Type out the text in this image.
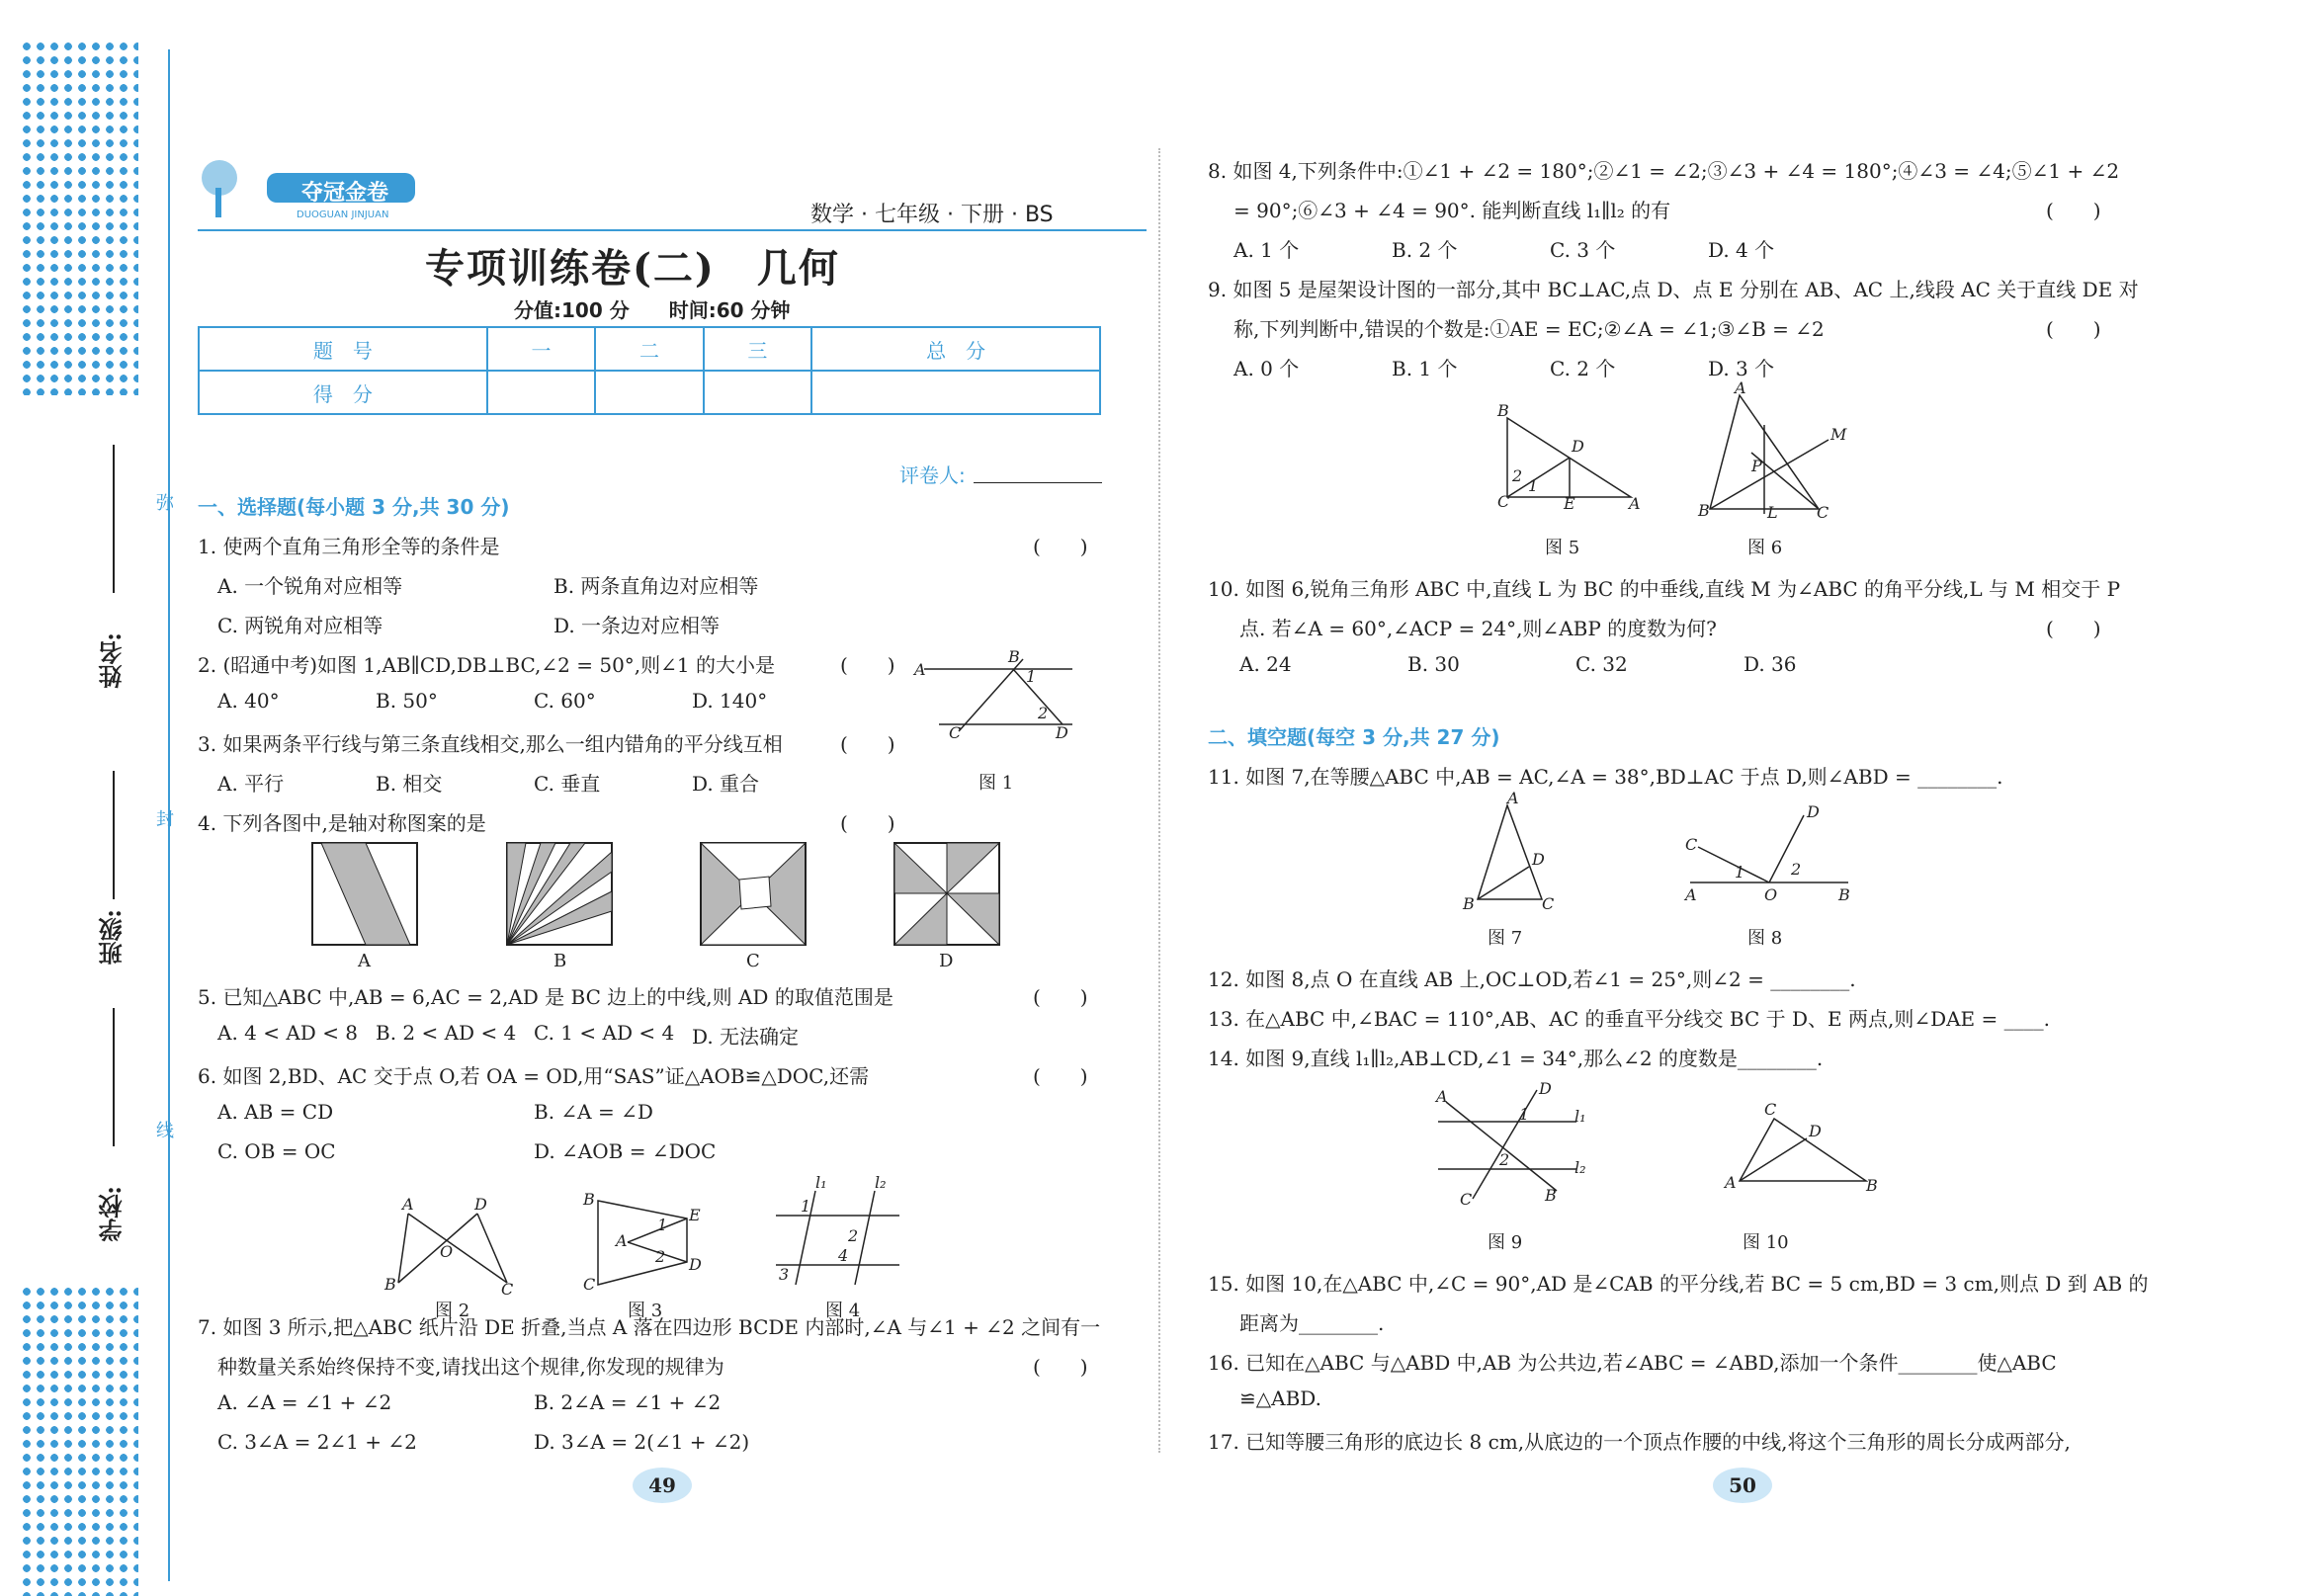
姓名:
班级:
学校:
弥
封
线
夺冠金卷
DUOGUAN JINJUAN	数学 · 七年级 · 下册 · BS
专项训练卷(二)　几何
分值:100 分　　时间:60 分钟
题　号	一	二	三	总　分
得　分				
评卷人:
一、选择题(每小题 3 分,共 30 分)
1. 使两个直角三角形全等的条件是	(　　)
A. 一个锐角对应相等	B. 两条直角边对应相等
C. 两锐角对应相等	D. 一条边对应相等
2. (昭通中考)如图 1,AB∥CD,DB⊥BC,∠2 = 50°,则∠1 的大小是	(　　)
A. 40°	B. 50°	C. 60°	D. 140°
A
B
C	D
1
2
图 1
3. 如果两条平行线与第三条直线相交,那么一组内错角的平分线互相	(　　)
A. 平行	B. 相交	C. 垂直	D. 重合
4. 下列各图中,是轴对称图案的是	(　　)
A	B	C	D
5. 已知△ABC 中,AB = 6,AC = 2,AD 是 BC 边上的中线,则 AD 的取值范围是	(　　)
A. 4 < AD < 8 B. 2 < AD < 4 C. 1 < AD < 4 D. 无法确定
6. 如图 2,BD、AC 交于点 O,若 OA = OD,用“SAS”证△AOB≌△DOC,还需	(　　)
A. AB = CD	B. ∠A = ∠D
C. OB = OC	D. ∠AOB = ∠DOC
A	D
O
B	C
图 2
B
C
E
D
A
1
2
图 3
l₁	l₂
1
2
3
4
图 4
7. 如图 3 所示,把△ABC 纸片沿 DE 折叠,当点 A 落在四边形 BCDE 内部时,∠A 与∠1 + ∠2 之间有一
种数量关系始终保持不变,请找出这个规律,你发现的规律为	(　　)
A. ∠A = ∠1 + ∠2	B. 2∠A = ∠1 + ∠2
C. 3∠A = 2∠1 + ∠2	D. 3∠A = 2(∠1 + ∠2)
49
8. 如图 4,下列条件中:①∠1 + ∠2 = 180°;②∠1 = ∠2;③∠3 + ∠4 = 180°;④∠3 = ∠4;⑤∠1 + ∠2
= 90°;⑥∠3 + ∠4 = 90°. 能判断直线 l₁∥l₂ 的有	(　　)
A. 1 个	B. 2 个	C. 3 个	D. 4 个
9. 如图 5 是屋架设计图的一部分,其中 BC⊥AC,点 D、点 E 分别在 AB、AC 上,线段 AC 关于直线 DE 对
称,下列判断中,错误的个数是:①AE = EC;②∠A = ∠1;③∠B = ∠2	(　　)
A. 0 个	B. 1 个	C. 2 个	D. 3 个
B
D
C	E	A
2
1
图 5
A
M
P
B	L C
图 6
10. 如图 6,锐角三角形 ABC 中,直线 L 为 BC 的中垂线,直线 M 为∠ABC 的角平分线,L 与 M 相交于 P
点. 若∠A = 60°,∠ACP = 24°,则∠ABP 的度数为何?	(　　)
A. 24	B. 30	C. 32	D. 36
二、填空题(每空 3 分,共 27 分)
11. 如图 7,在等腰△ABC 中,AB = AC,∠A = 38°,BD⊥AC 于点 D,则∠ABD = ________.
A
D
B	C
图 7
C
D
A	O	B
1	2
图 8
12. 如图 8,点 O 在直线 AB 上,OC⊥OD,若∠1 = 25°,则∠2 = ________.
13. 在△ABC 中,∠BAC = 110°,AB、AC 的垂直平分线交 BC 于 D、E 两点,则∠DAE = ____.
14. 如图 9,直线 l₁∥l₂,AB⊥CD,∠1 = 34°,那么∠2 的度数是________.
A	D
l₁
l₂
C	B
1
2
图 9
C
D
A	B
图 10
15. 如图 10,在△ABC 中,∠C = 90°,AD 是∠CAB 的平分线,若 BC = 5 cm,BD = 3 cm,则点 D 到 AB 的
距离为________.
16. 已知在△ABC 与△ABD 中,AB 为公共边,若∠ABC = ∠ABD,添加一个条件________使△ABC
≌△ABD.
17. 已知等腰三角形的底边长 8 cm,从底边的一个顶点作腰的中线,将这个三角形的周长分成两部分,
50
